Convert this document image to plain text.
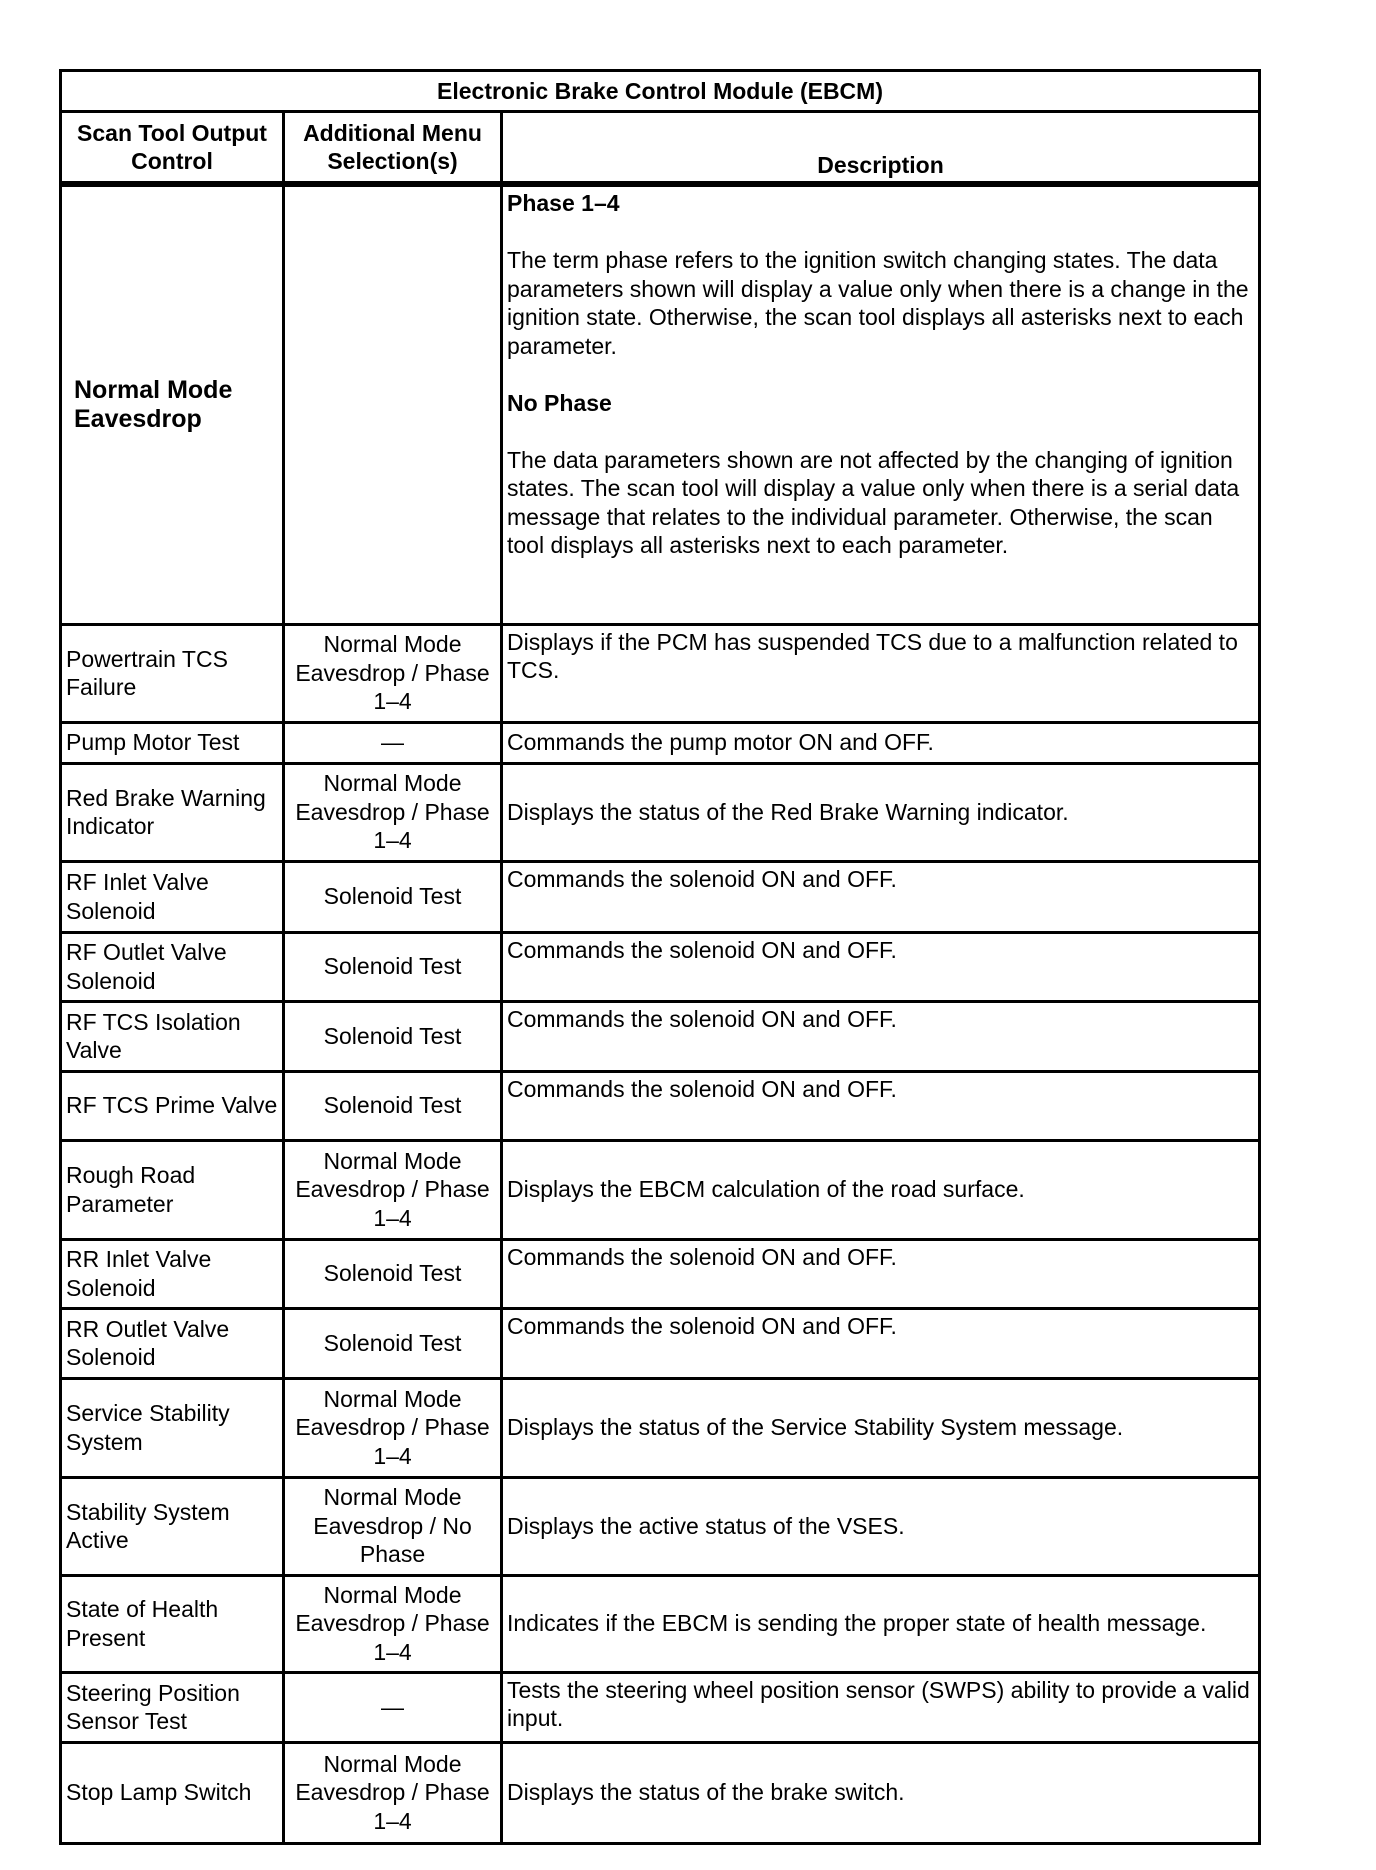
Electronic Brake Control Module (EBCM)		
Scan Tool Output Control	Additional Menu Selection(s)	Description
Normal Mode Eavesdrop		Phase 1–4

The term phase refers to the ignition switch changing states. The data parameters shown will display a value only when there is a change in the ignition state. Otherwise, the scan tool displays all asterisks next to each parameter.

No Phase

The data parameters shown are not affected by the changing of ignition states. The scan tool will display a value only when there is a serial data message that relates to the individual parameter. Otherwise, the scan tool displays all asterisks next to each parameter.

Powertrain TCS Failure	Normal Mode Eavesdrop / Phase 1–4	Displays if the PCM has suspended TCS due to a malfunction related to TCS.
Pump Motor Test	—	Commands the pump motor ON and OFF.
Red Brake Warning Indicator	Normal Mode Eavesdrop / Phase 1–4	Displays the status of the Red Brake Warning indicator.
RF Inlet Valve Solenoid	Solenoid Test	Commands the solenoid ON and OFF.
RF Outlet Valve Solenoid	Solenoid Test	Commands the solenoid ON and OFF.
RF TCS Isolation Valve	Solenoid Test	Commands the solenoid ON and OFF.
RF TCS Prime Valve	Solenoid Test	Commands the solenoid ON and OFF.
Rough Road Parameter	Normal Mode Eavesdrop / Phase 1–4	Displays the EBCM calculation of the road surface.
RR Inlet Valve Solenoid	Solenoid Test	Commands the solenoid ON and OFF.
RR Outlet Valve Solenoid	Solenoid Test	Commands the solenoid ON and OFF.
Service Stability System	Normal Mode Eavesdrop / Phase 1–4	Displays the status of the Service Stability System message.
Stability System Active	Normal Mode Eavesdrop / No Phase	Displays the active status of the VSES.
State of Health Present	Normal Mode Eavesdrop / Phase 1–4	Indicates if the EBCM is sending the proper state of health message.
Steering Position Sensor Test	—	Tests the steering wheel position sensor (SWPS) ability to provide a valid input.
Stop Lamp Switch	Normal Mode Eavesdrop / Phase 1–4	Displays the status of the brake switch.
